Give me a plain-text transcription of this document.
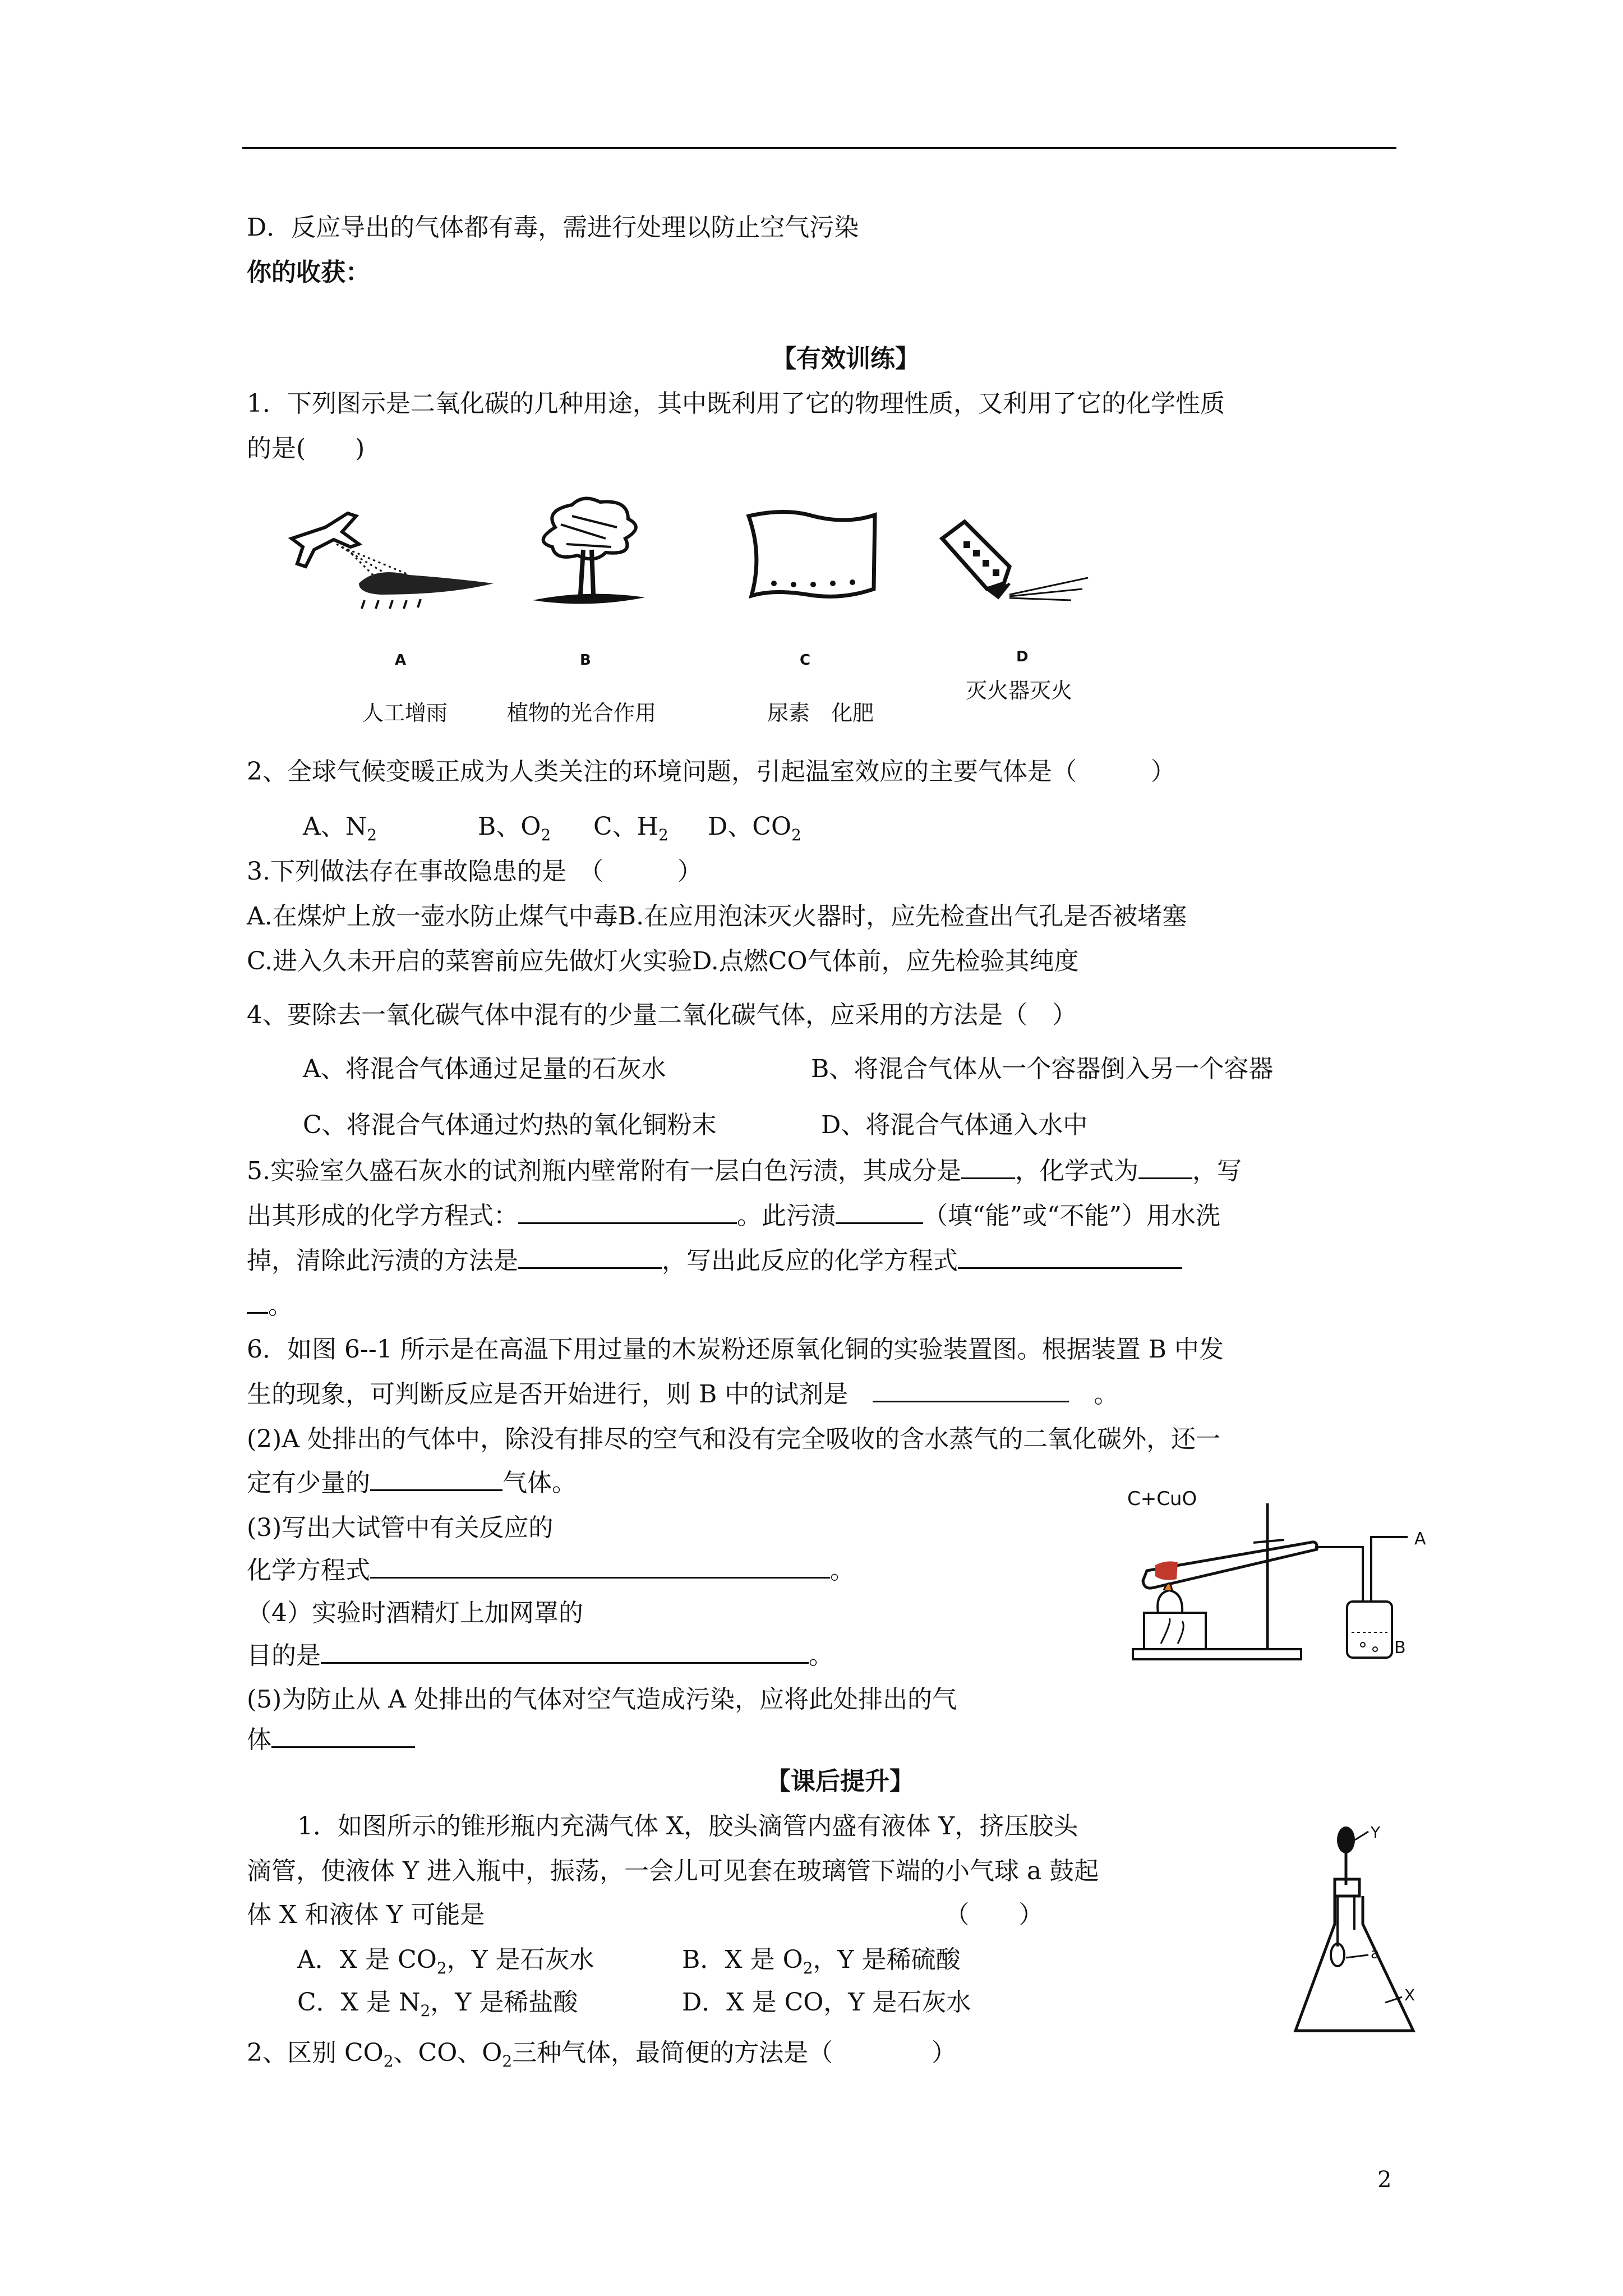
D．反应导出的气体都有毒，需进行处理以防止空气污染
你的收获：
【有效训练】
1．下列图示是二氧化碳的几种用途，其中既利用了它的物理性质，又利用了它的化学性质
的是(　　)
A	B	C	D
人工增雨	植物的光合作用	尿素　化肥
灭火器灭火
2、全球气候变暖正成为人类关注的环境问题，引起温室效应的主要气体是（　　　）
A、$N_2$	B、$O_2$ C、$H_2$ D、$CO_2$
3.下列做法存在事故隐患的是　（　　　）
A.在煤炉上放一壶水防止煤气中毒B.在应用泡沫灭火器时，应先检查出气孔是否被堵塞
C.进入久未开启的菜窖前应先做灯火实验D.点燃CO气体前，应先检验其纯度
4、要除去一氧化碳气体中混有的少量二氧化碳气体，应采用的方法是（　）
A、将混合气体通过足量的石灰水	B、将混合气体从一个容器倒入另一个容器
C、将混合气体通过灼热的氧化铜粉末	D、将混合气体通入水中
5.实验室久盛石灰水的试剂瓶内壁常附有一层白色污渍，其成分是 ，化学式为 ，写
出其形成的化学方程式：	。此污渍	（填“能”或“不能”）用水洗
掉，清除此污渍的方法是	，写出此反应的化学方程式
。
6．如图 6--1 所示是在高温下用过量的木炭粉还原氧化铜的实验装置图。根据装置 B 中发
生的现象，可判断反应是否开始进行，则 B 中的试剂是　　	。
(2)A 处排出的气体中，除没有排尽的空气和没有完全吸收的含水蒸气的二氧化碳外，还一
定有少量的	气体。
(3)写出大试管中有关反应的
化学方程式	。
（4）实验时酒精灯上加网罩的
目的是	。
(5)为防止从 A 处排出的气体对空气造成污染，应将此处排出的气
体
C+CuO
A
B
【课后提升】
1．如图所示的锥形瓶内充满气体 X，胶头滴管内盛有液体 Y，挤压胶头
滴管，使液体 Y 进入瓶中，振荡，一会儿可见套在玻璃管下端的小气球 a 鼓起
体 X 和液体 Y 可能是	（　　）
A．X 是 $CO_2$，Y 是石灰水	B．X 是 $O_2$，Y 是稀硫酸
C．X 是 $N_2$，Y 是稀盐酸	D．X 是 CO，Y 是石灰水
Y
a
X
2、区别 $CO_2$、CO、$O_2$三种气体，最简便的方法是（　　　　）
2
